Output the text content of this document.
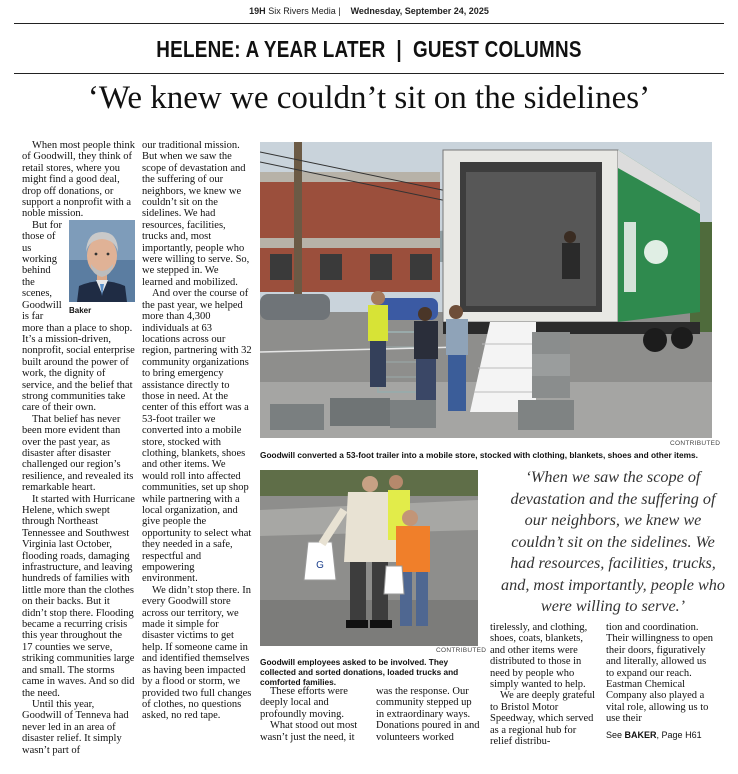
19H Six Rivers Media | Wednesday, September 24, 2025
HELENE: A YEAR LATER | GUEST COLUMNS
‘We knew we couldn’t sit on the sidelines’

When most people think of Goodwill, they think of retail stores, where you might find a good deal, drop off donations, or support a nonprofit with a noble mission.

Baker

But for those of us working behind the scenes, Goodwill is far more than a place to shop. It’s a mission-driven, nonprofit, social enterprise built around the power of work, the dignity of service, and the belief that strong communities take care of their own.

That belief has never been more evident than over the past year, as disaster after disaster challenged our region’s resilience, and revealed its remarkable heart.

It started with Hurricane Helene, which swept through Northeast Tennessee and Southwest Virginia last October, flooding roads, damaging infrastructure, and leaving hundreds of families with little more than the clothes on their backs. But it didn’t stop there. Flooding became a recurring crisis this year throughout the 17 counties we serve, striking communities large and small. The storms came in waves. And so did the need.

Until this year, Goodwill of Tenneva had never led in an area of disaster relief. It simply wasn’t part of

our traditional mission. But when we saw the scope of devastation and the suffering of our neighbors, we knew we couldn’t sit on the sidelines. We had resources, facilities, trucks and, most importantly, people who were willing to serve. So, we stepped in. We learned and mobilized.

And over the course of the past year, we helped more than 4,300 individuals at 63 locations across our region, partnering with 32 community organizations to bring emergency assistance directly to those in need. At the center of this effort was a 53-foot trailer we converted into a mobile store, stocked with clothing, blankets, shoes and other items. We would roll into affected communities, set up shop while partnering with a local organization, and give people the opportunity to select what they needed in a safe, respectful and empowering environment.

We didn’t stop there. In every Goodwill store across our territory, we made it simple for disaster victims to get help. If someone came in and identified themselves as having been impacted by a flood or storm, we provided two full changes of clothes, no questions asked, no red tape.

CONTRIBUTED
Goodwill converted a 53-foot trailer into a mobile store, stocked with clothing, blankets, shoes and other items.
G
CONTRIBUTED
Goodwill employees asked to be involved. They collected and sorted donations, loaded trucks and comforted families.
‘When we saw the scope of devastation and the suffering of our neighbors, we knew we couldn’t sit on the sidelines. We had resources, facilities, trucks, and, most importantly, people who were willing to serve.’

These efforts were deeply local and profoundly moving.

What stood out most wasn’t just the need, it

was the response. Our community stepped up in extraordinary ways. Donations poured in and volunteers worked

tirelessly, and clothing, shoes, coats, blankets, and other items were distributed to those in need by people who simply wanted to help.

We are deeply grateful to Bristol Motor Speedway, which served as a regional hub for relief distribu-

tion and coordination. Their willingness to open their doors, figuratively and literally, allowed us to expand our reach. Eastman Chemical Company also played a vital role, allowing us to use their

See BAKER, Page H61
